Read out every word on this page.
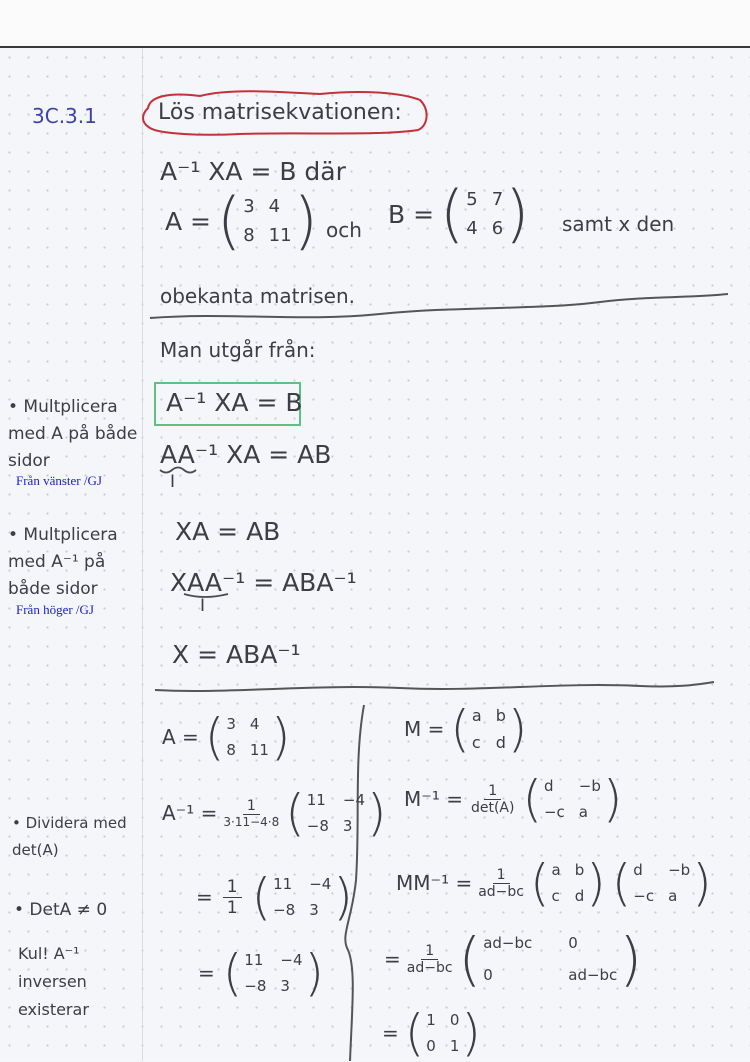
3C.3.1	Lös matrisekvationen:
A⁻¹ XA = B där
A = ( 3 4
8 11 ) och
B = ( 5 7
4 6 ) samt x den
obekanta matrisen.
Man utgår från:
A⁻¹ XA = B
AA⁻¹ XA = AB
I
XA = AB
XAA⁻¹ = ABA⁻¹
I
X = ABA⁻¹
• Multplicera med A på både sidor
Från vänster /GJ
• Multplicera med A⁻¹ på både sidor
Från höger /GJ
• Dividera med det(A)
• DetA ≠ 0
Kul! A⁻¹ inversen existerar
A = ( 3 4
8 11 )
$A^{-1} = \frac{1}{3\cdot 11-4\cdot 8}$ ( 11 −4
−8 3 )
= $\frac{1}{1}$ ( 11 −4
−8 3 )
= ( 11 −4
−8 3 )
M = ( a b
c d )
$M^{-1} = \frac{1}{\det(A)}$ ( d	−b
−c a )
$MM^{-1} = \frac{1}{ad-bc}$ ( a b
c d ) ( d	−b
−c a )
= $\frac{1}{ad-bc}$ ( ad−bc 0
0	ad−bc )
= ( 1 0
0 1 )
